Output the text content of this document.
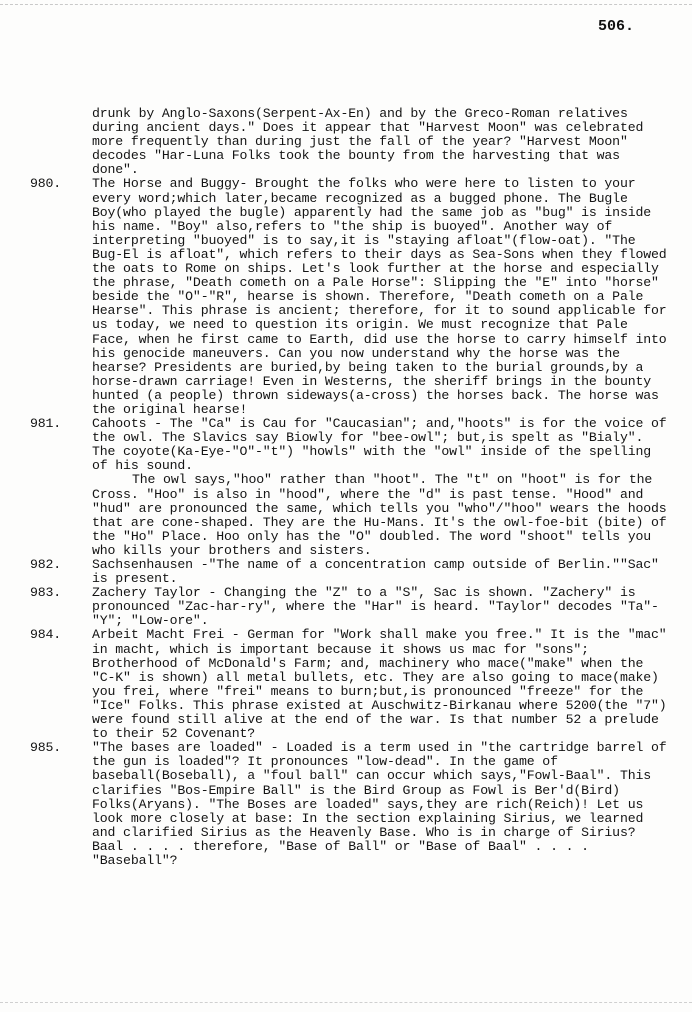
506.
drunk by Anglo-Saxons(Serpent-Ax-En) and by the Greco-Roman relatives during ancient days." Does it appear that "Harvest Moon" was celebrated more frequently than during just the fall of the year? "Harvest Moon" decodes "Har-Luna Folks took the bounty from the harvesting that was done".
980.	The Horse and Buggy- Brought the folks who were here to listen to your every word;which later,became recognized as a bugged phone. The Bugle Boy(who played the bugle) apparently had the same job as "bug" is inside his name. "Boy" also,refers to "the ship is buoyed". Another way of interpreting "buoyed" is to say,it is "staying afloat"(flow-oat). "The Bug-El is afloat", which refers to their days as Sea-Sons when they flowed the oats to Rome on ships. Let's look further at the horse and especially the phrase, "Death cometh on a Pale Horse": Slipping the "E" into "horse" beside the "O"-"R", hearse is shown. Therefore, "Death cometh on a Pale Hearse". This phrase is ancient; therefore, for it to sound applicable for us today, we need to question its origin. We must recognize that Pale Face, when he first came to Earth, did use the horse to carry himself into his genocide maneuvers. Can you now understand why the horse was the hearse? Presidents are buried,by being taken to the burial grounds,by a horse-drawn carriage! Even in Westerns, the sheriff brings in the bounty hunted (a people) thrown sideways(a-cross) the horses back. The horse was the original hearse!
981.	Cahoots - The "Ca" is Cau for "Caucasian"; and,"hoots" is for the voice of the owl. The Slavics say Biowly for "bee-owl"; but,is spelt as "Bialy". The coyote(Ka-Eye-"O"-"t") "howls" with the "owl" inside of the spelling of his sound.
The owl says,"hoo" rather than "hoot". The "t" on "hoot" is for the Cross. "Hoo" is also in "hood", where the "d" is past tense. "Hood" and "hud" are pronounced the same, which tells you "who"/"hoo" wears the hoods that are cone-shaped. They are the Hu-Mans. It's the owl-foe-bit (bite) of the "Ho" Place. Hoo only has the "O" doubled. The word "shoot" tells you who kills your brothers and sisters.
982.	Sachsenhausen -"The name of a concentration camp outside of Berlin.""Sac" is present.
983.	Zachery Taylor - Changing the "Z" to a "S", Sac is shown. "Zachery" is pronounced "Zac-har-ry", where the "Har" is heard. "Taylor" decodes "Ta"-"Y"; "Low-ore".
984.	Arbeit Macht Frei - German for "Work shall make you free." It is the "mac" in macht, which is important because it shows us mac for "sons"; Brotherhood of McDonald's Farm; and, machinery who mace("make" when the "C-K" is shown) all metal bullets, etc. They are also going to mace(make) you frei, where "frei" means to burn;but,is pronounced "freeze" for the "Ice" Folks. This phrase existed at Auschwitz-Birkanau where 5200(the "7") were found still alive at the end of the war. Is that number 52 a prelude to their 52 Covenant?
985.	"The bases are loaded" - Loaded is a term used in "the cartridge barrel of the gun is loaded"? It pronounces "low-dead". In the game of baseball(Boseball), a "foul ball" can occur which says,"Fowl-Baal". This clarifies "Bos-Empire Ball" is the Bird Group as Fowl is Ber'd(Bird) Folks(Aryans). "The Boses are loaded" says,they are rich(Reich)! Let us look more closely at base: In the section explaining Sirius, we learned and clarified Sirius as the Heavenly Base. Who is in charge of Sirius? Baal . . . . therefore, "Base of Ball" or "Base of Baal" . . . . "Baseball"?
